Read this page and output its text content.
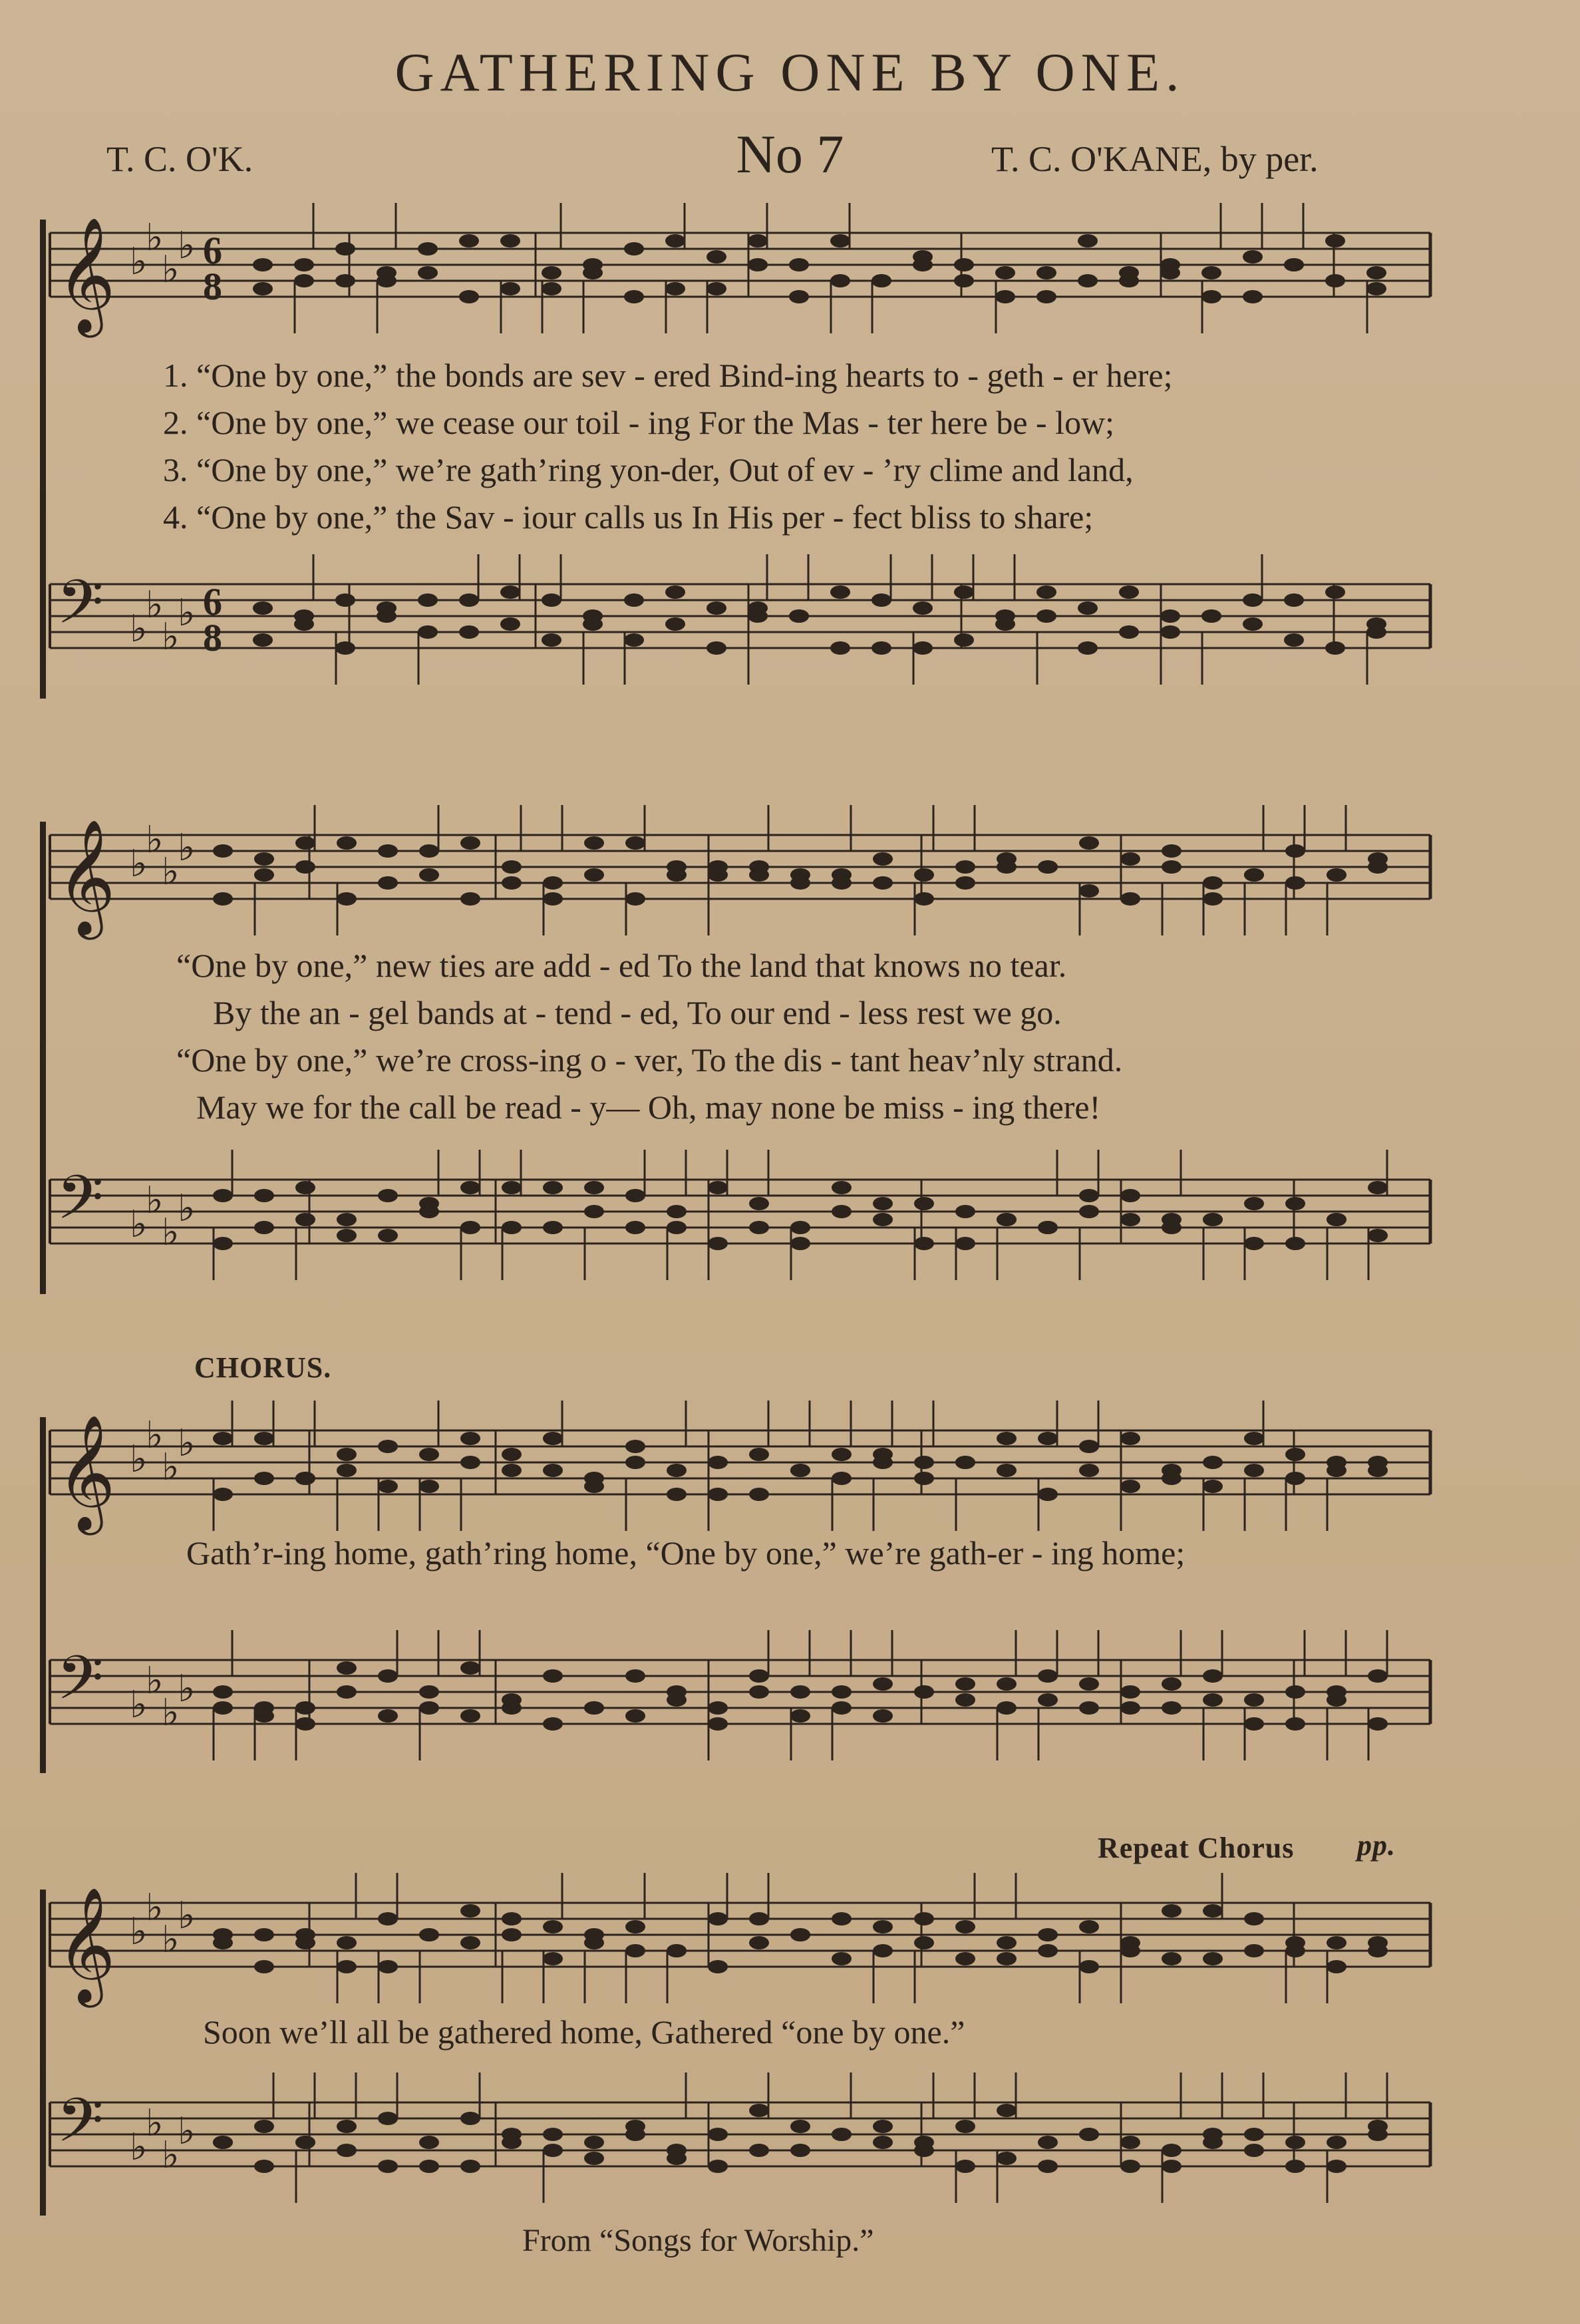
GATHERING ONE BY ONE.
T. C. O'K.	No 7	T. C. O'KANE, by per.
𝄞 ♭
♭
♭
♭ 6
8
𝄢 ♭
♭
♭
♭ 6
8
1. “One by one,” the bonds are sev - ered Bind-ing hearts to - geth - er here;
2. “One by one,” we cease our toil - ing For the Mas - ter here be - low;
3. “One by one,” we’re gath’ring yon-der, Out of ev - ’ry clime and land,
4. “One by one,” the Sav - iour calls us In His per - fect bliss to share;
𝄞 ♭
♭
♭
♭
𝄢 ♭
♭
♭
♭
“One by one,” new ties are add - ed To the land that knows no tear.
By the an - gel bands at - tend - ed, To our end - less rest we go.
“One by one,” we’re cross-ing o - ver, To the dis - tant heav’nly strand.
May we for the call be read - y— Oh, may none be miss - ing there!
CHORUS.
𝄞 ♭
♭
♭
♭
Gath’r-ing home, gath’ring home, “One by one,” we’re gath-er - ing home;
𝄢 ♭
♭
♭
♭
Repeat Chorus pp.
𝄞 ♭
♭
♭
♭
Soon we’ll all be gathered home, Gathered “one by one.”
𝄢 ♭
♭
♭
♭
From “Songs for Worship.”
